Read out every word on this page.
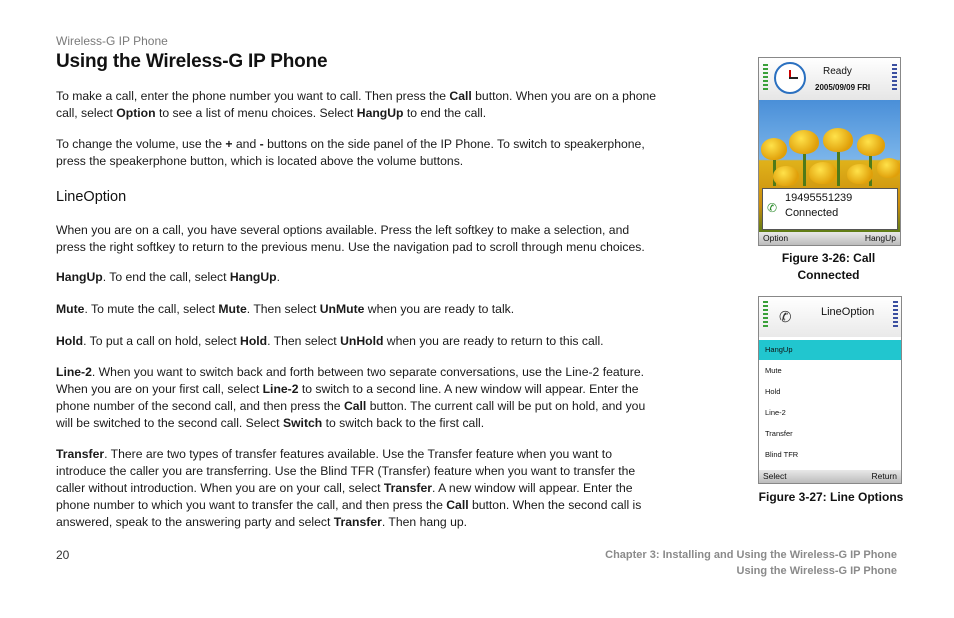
Wireless-G IP Phone
Using the Wireless-G IP Phone
To make a call, enter the phone number you want to call. Then press the Call button. When you are on a phone call, select Option to see a list of menu choices. Select HangUp to end the call.
To change the volume, use the + and - buttons on the side panel of the IP Phone. To switch to speakerphone, press the speakerphone button, which is located above the volume buttons.
LineOption
When you are on a call, you have several options available. Press the left softkey to make a selection, and press the right softkey to return to the previous menu. Use the navigation pad to scroll through menu choices.
HangUp. To end the call, select HangUp.
Mute. To mute the call, select Mute. Then select UnMute when you are ready to talk.
Hold. To put a call on hold, select Hold. Then select UnHold when you are ready to return to this call.
Line-2. When you want to switch back and forth between two separate conversations, use the Line-2 feature. When you are on your first call, select Line-2 to switch to a second line. A new window will appear. Enter the phone number of the second call, and then press the Call button. The current call will be put on hold, and you will be switched to the second call. Select Switch to switch back to the first call.
Transfer. There are two types of transfer features available. Use the Transfer feature when you want to introduce the caller you are transferring. Use the Blind TFR (Transfer) feature when you want to transfer the caller without introduction. When you are on your call, select Transfer. A new window will appear. Enter the phone number to which you want to transfer the call, and then press the Call button. When the second call is answered, speak to the answering party and select Transfer. Then hang up.
Ready
2005/09/09 FRI
✆
19495551239
Connected
Option	HangUp
Figure 3-26: Call
Connected
✆	LineOption
HangUp
Mute
Hold
Line-2
Transfer
Blind TFR
Select	Return
Figure 3-27: Line Options
20	Chapter 3: Installing and Using the Wireless-G IP Phone
Using the Wireless-G IP Phone
